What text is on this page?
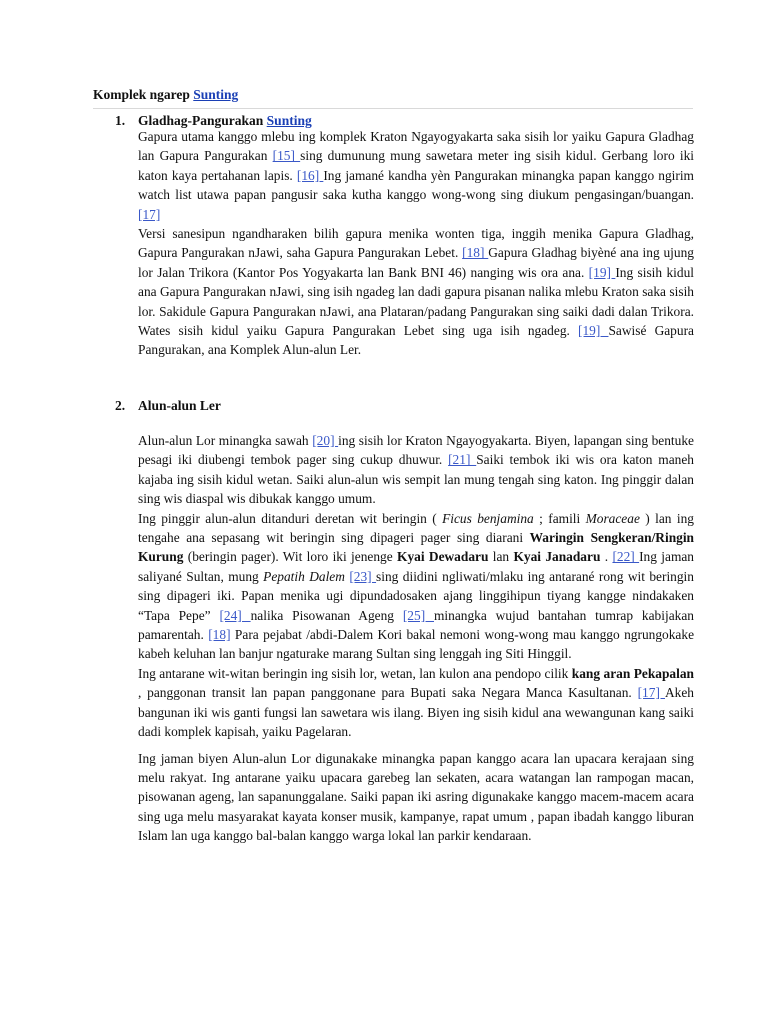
Komplek ngarep Sunting
1. Gladhag-Pangurakan Sunting

Gapura utama kanggo mlebu ing komplek Kraton Ngayogyakarta saka sisih lor yaiku Gapura Gladhag lan Gapura Pangurakan [15] sing dumunung mung sawetara meter ing sisih kidul. Gerbang loro iki katon kaya pertahanan lapis. [16] Ing jamané kandha yèn Pangurakan minangka papan kanggo ngirim watch list utawa papan pangusir saka kutha kanggo wong-wong sing diukum pengasingan/buangan. [17]

Versi sanesipun ngandharaken bilih gapura menika wonten tiga, inggih menika Gapura Gladhag, Gapura Pangurakan nJawi, saha Gapura Pangurakan Lebet. [18] Gapura Gladhag biyèné ana ing ujung lor Jalan Trikora (Kantor Pos Yogyakarta lan Bank BNI 46) nanging wis ora ana. [19] Ing sisih kidul ana Gapura Pangurakan nJawi, sing isih ngadeg lan dadi gapura pisanan nalika mlebu Kraton saka sisih lor. Sakidule Gapura Pangurakan nJawi, ana Plataran/padang Pangurakan sing saiki dadi dalan Trikora. Wates sisih kidul yaiku Gapura Pangurakan Lebet sing uga isih ngadeg. [19] Sawisé Gapura Pangurakan, ana Komplek Alun-alun Ler.

2. Alun-alun Ler

Alun-alun Lor minangka sawah [20] ing sisih lor Kraton Ngayogyakarta. Biyen, lapangan sing bentuke pesagi iki diubengi tembok pager sing cukup dhuwur. [21] Saiki tembok iki wis ora katon maneh kajaba ing sisih kidul wetan. Saiki alun-alun wis sempit lan mung tengah sing katon. Ing pinggir dalan sing wis diaspal wis dibukak kanggo umum.

Ing pinggir alun-alun ditanduri deretan wit beringin ( Ficus benjamina ; famili Moraceae ) lan ing tengahe ana sepasang wit beringin sing dipageri pager sing diarani Waringin Sengkeran/Ringin Kurung (beringin pager). Wit loro iki jenenge Kyai Dewadaru lan Kyai Janadaru . [22] Ing jaman saliyané Sultan, mung Pepatih Dalem [23] sing diidini ngliwati/mlaku ing antarané rong wit beringin sing dipageri iki. Papan menika ugi dipundadosaken ajang linggihipun tiyang kangge nindakaken “Tapa Pepe” [24] nalika Pisowanan Ageng [25] minangka wujud bantahan tumrap kabijakan pamarentah. [18] Para pejabat /abdi-Dalem Kori bakal nemoni wong-wong mau kanggo ngrungokake kabeh keluhan lan banjur ngaturake marang Sultan sing lenggah ing Siti Hinggil.

Ing antarane wit-witan beringin ing sisih lor, wetan, lan kulon ana pendopo cilik kang aran Pekapalan , panggonan transit lan papan panggonane para Bupati saka Negara Manca Kasultanan. [17] Akeh bangunan iki wis ganti fungsi lan sawetara wis ilang. Biyen ing sisih kidul ana wewangunan kang saiki dadi komplek kapisah, yaiku Pagelaran.

Ing jaman biyen Alun-alun Lor digunakake minangka papan kanggo acara lan upacara kerajaan sing melu rakyat. Ing antarane yaiku upacara garebeg lan sekaten, acara watangan lan rampogan macan, pisowanan ageng, lan sapanunggalane. Saiki papan iki asring digunakake kanggo macem-macem acara sing uga melu masyarakat kayata konser musik, kampanye, rapat umum , papan ibadah kanggo liburan Islam lan uga kanggo bal-balan kanggo warga lokal lan parkir kendaraan.
